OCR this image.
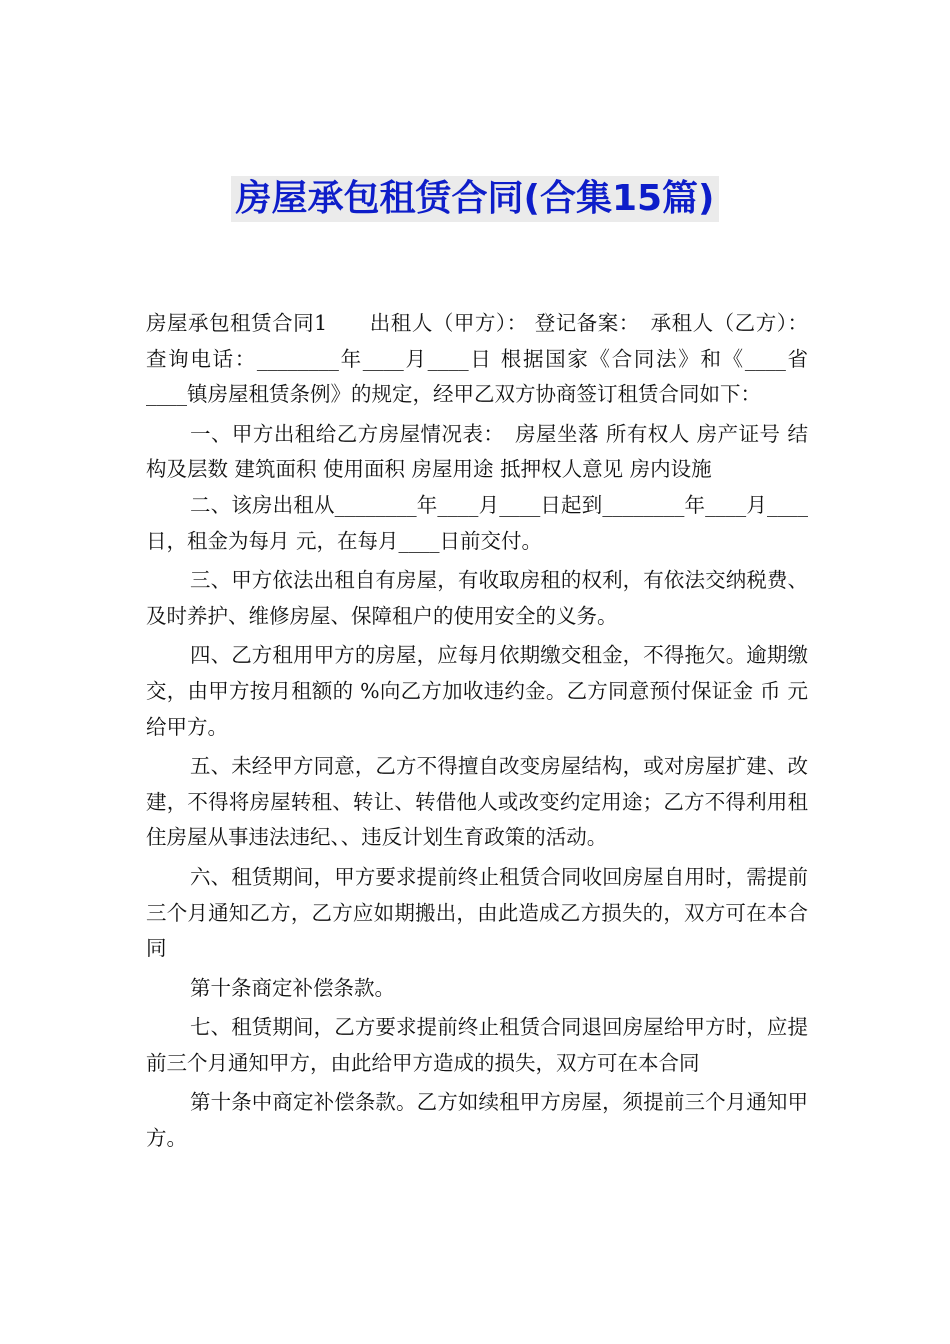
房屋承包租赁合同(合集15篇)

房屋承包租赁合同1　　出租人（甲方）： 登记备案：　承租人（乙方）： 查询电话：________年____月____日 根据国家《合同法》和《____省____镇房屋租赁条例》的规定，经甲乙双方协商签订租赁合同如下：

一、甲方出租给乙方房屋情况表：　房屋坐落 所有权人 房产证号 结构及层数 建筑面积 使用面积 房屋用途 抵押权人意见 房内设施

二、该房出租从________年____月____日起到________年____月____日，租金为每月 元，在每月____日前交付。

三、甲方依法出租自有房屋，有收取房租的权利，有依法交纳税费、及时养护、维修房屋、保障租户的使用安全的义务。

四、乙方租用甲方的房屋，应每月依期缴交租金，不得拖欠。逾期缴交，由甲方按月租额的 %向乙方加收违约金。乙方同意预付保证金 币 元给甲方。

五、未经甲方同意，乙方不得擅自改变房屋结构，或对房屋扩建、改建，不得将房屋转租、转让、转借他人或改变约定用途；乙方不得利用租住房屋从事违法违纪、、违反计划生育政策的活动。

六、租赁期间，甲方要求提前终止租赁合同收回房屋自用时，需提前三个月通知乙方，乙方应如期搬出，由此造成乙方损失的，双方可在本合同

第十条商定补偿条款。

七、租赁期间，乙方要求提前终止租赁合同退回房屋给甲方时，应提前三个月通知甲方，由此给甲方造成的损失，双方可在本合同

第十条中商定补偿条款。乙方如续租甲方房屋，须提前三个月通知甲方。
